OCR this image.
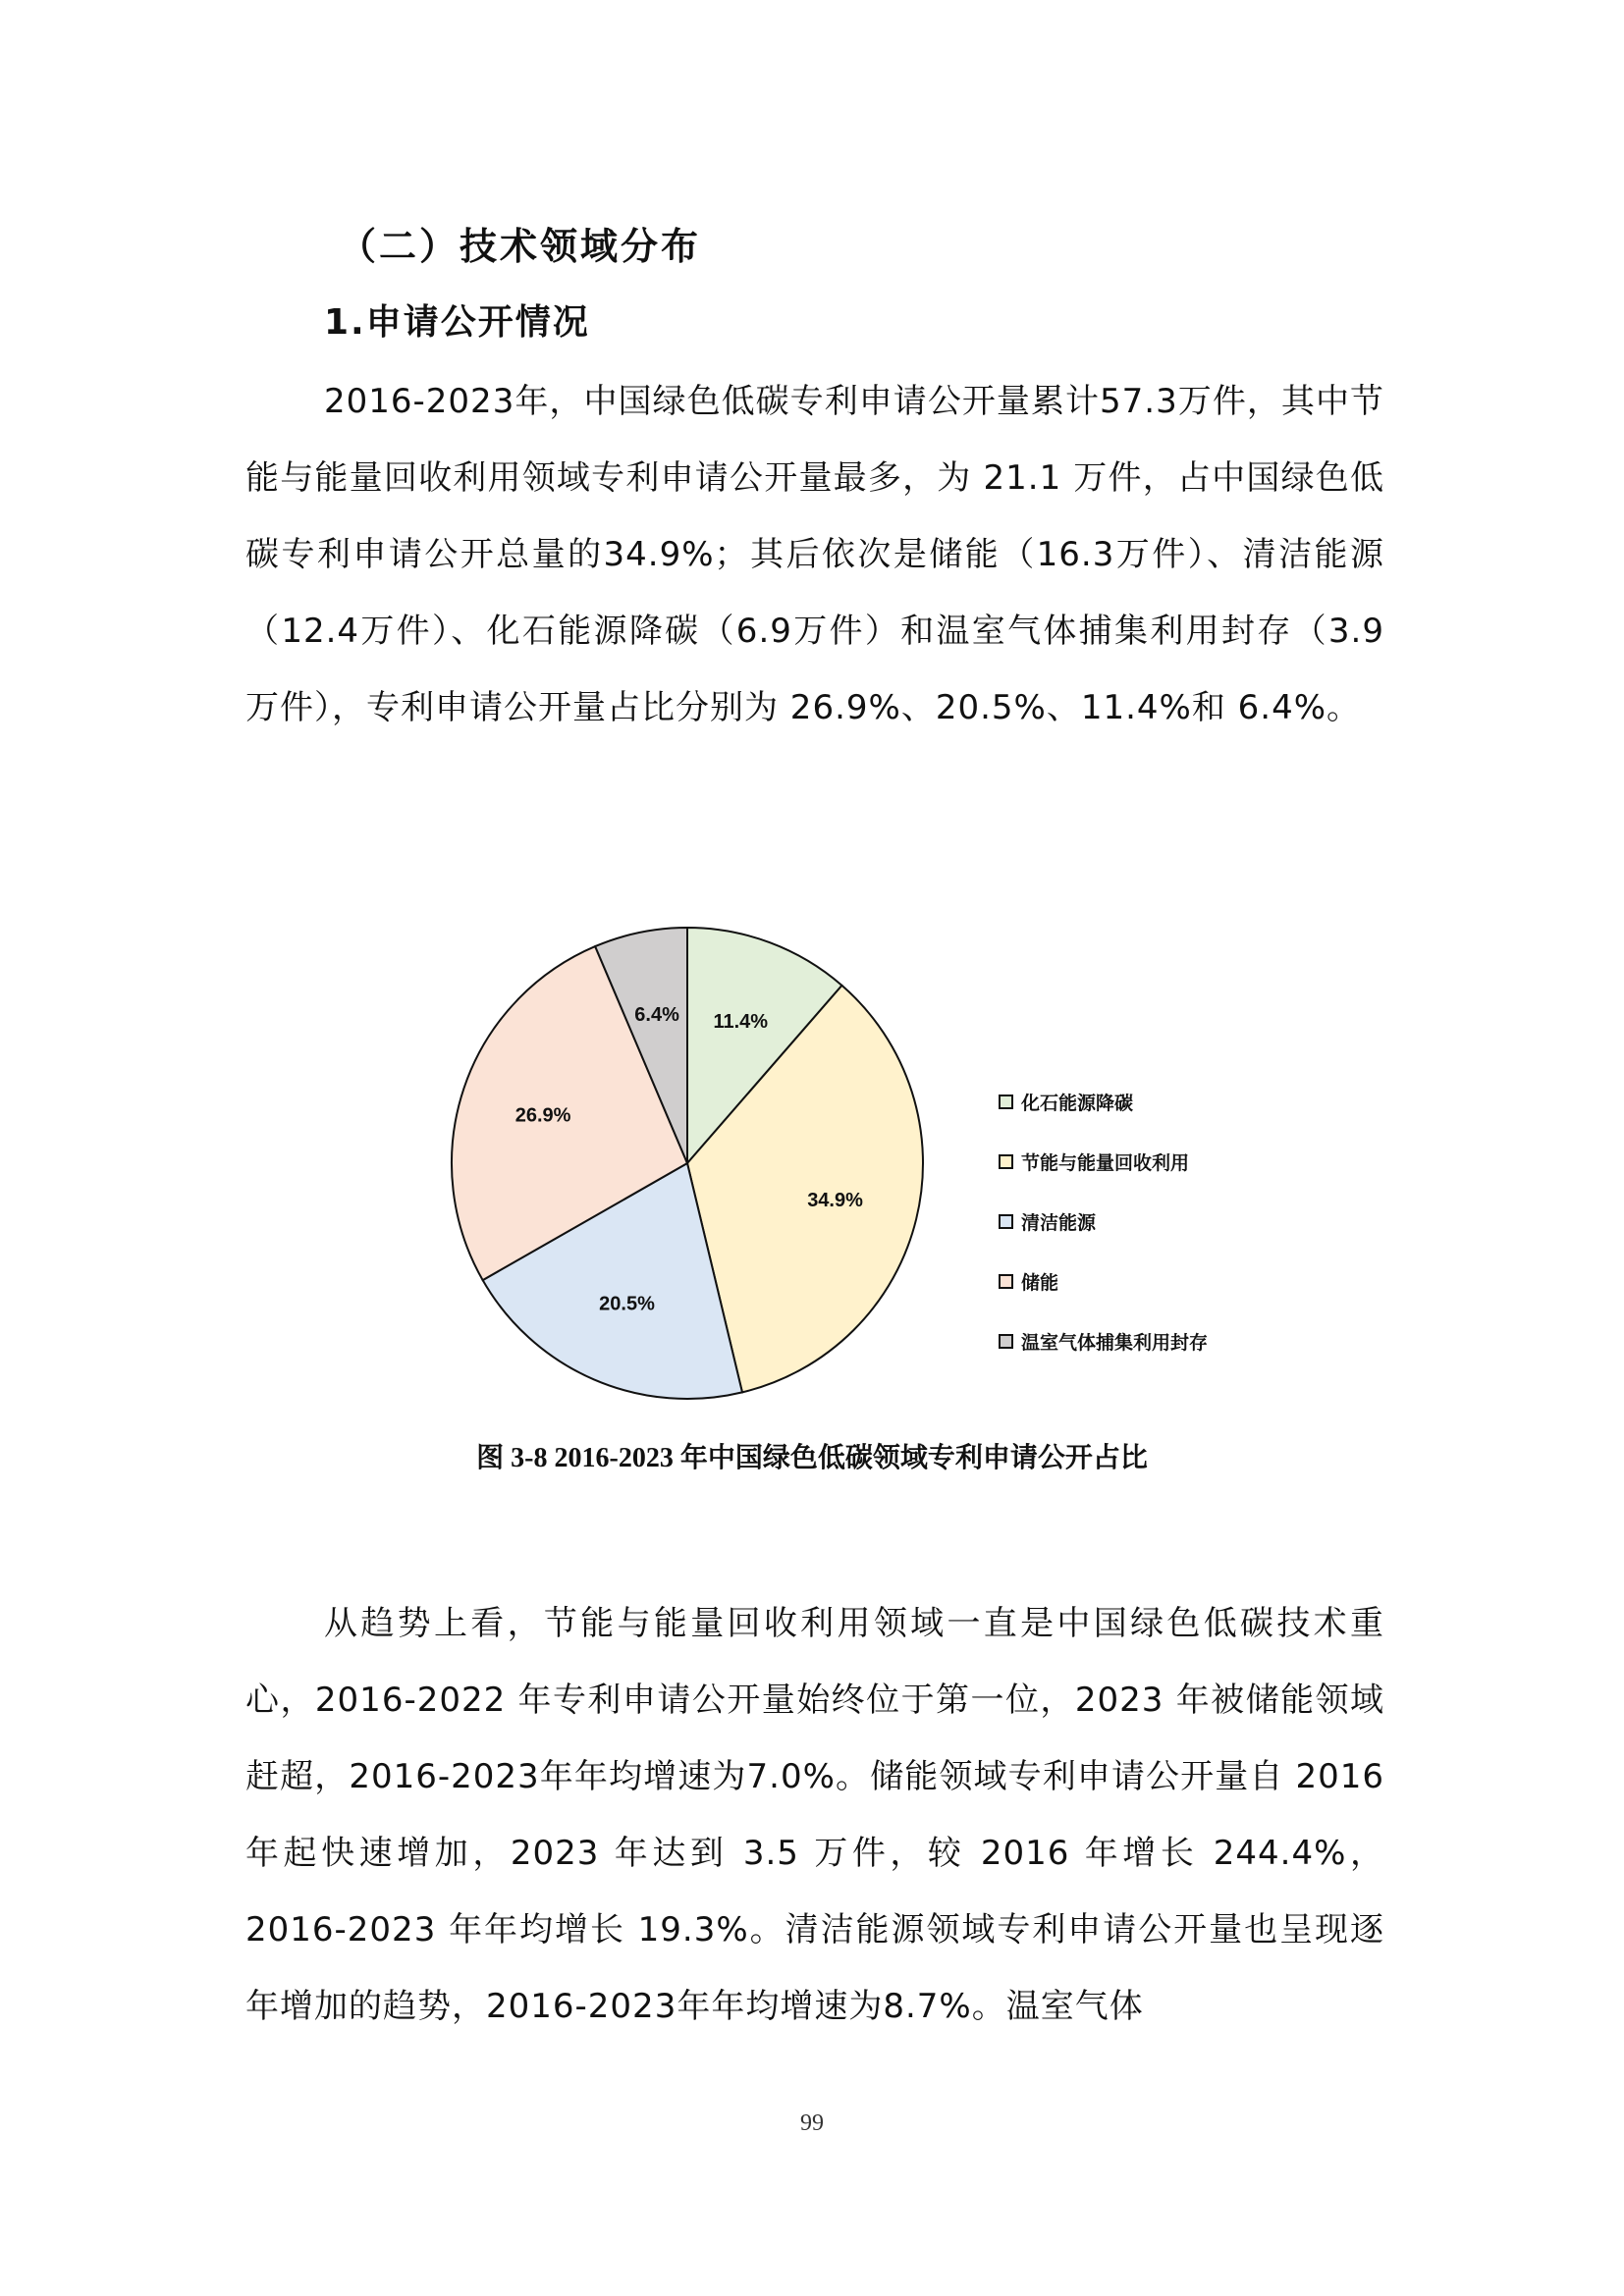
（二）技术领域分布
1.申请公开情况

2016-2023年，中国绿色低碳专利申请公开量累计57.3万件，其中节能与能量回收利用领域专利申请公开量最多，为 21.1 万件，占中国绿色低碳专利申请公开总量的34.9%；其后依次是储能（16.3万件）、清洁能源（12.4万件）、化石能源降碳（6.9万件）和温室气体捕集利用封存（3.9 万件），专利申请公开量占比分别为 26.9%、20.5%、11.4%和 6.4%。

11.4%
34.9%
20.5%
26.9%
6.4%
化石能源降碳
节能与能量回收利用
清洁能源
储能
温室气体捕集利用封存
图 3-8 2016-2023 年中国绿色低碳领域专利申请公开占比

从趋势上看，节能与能量回收利用领域一直是中国绿色低碳技术重心，2016-2022 年专利申请公开量始终位于第一位，2023 年被储能领域赶超，2016-2023年年均增速为7.0%。储能领域专利申请公开量自 2016 年起快速增加，2023 年达到 3.5 万件，较 2016 年增长 244.4%，2016-2023 年年均增长 19.3%。清洁能源领域专利申请公开量也呈现逐年增加的趋势，2016-2023年年均增速为8.7%。温室气体

99
